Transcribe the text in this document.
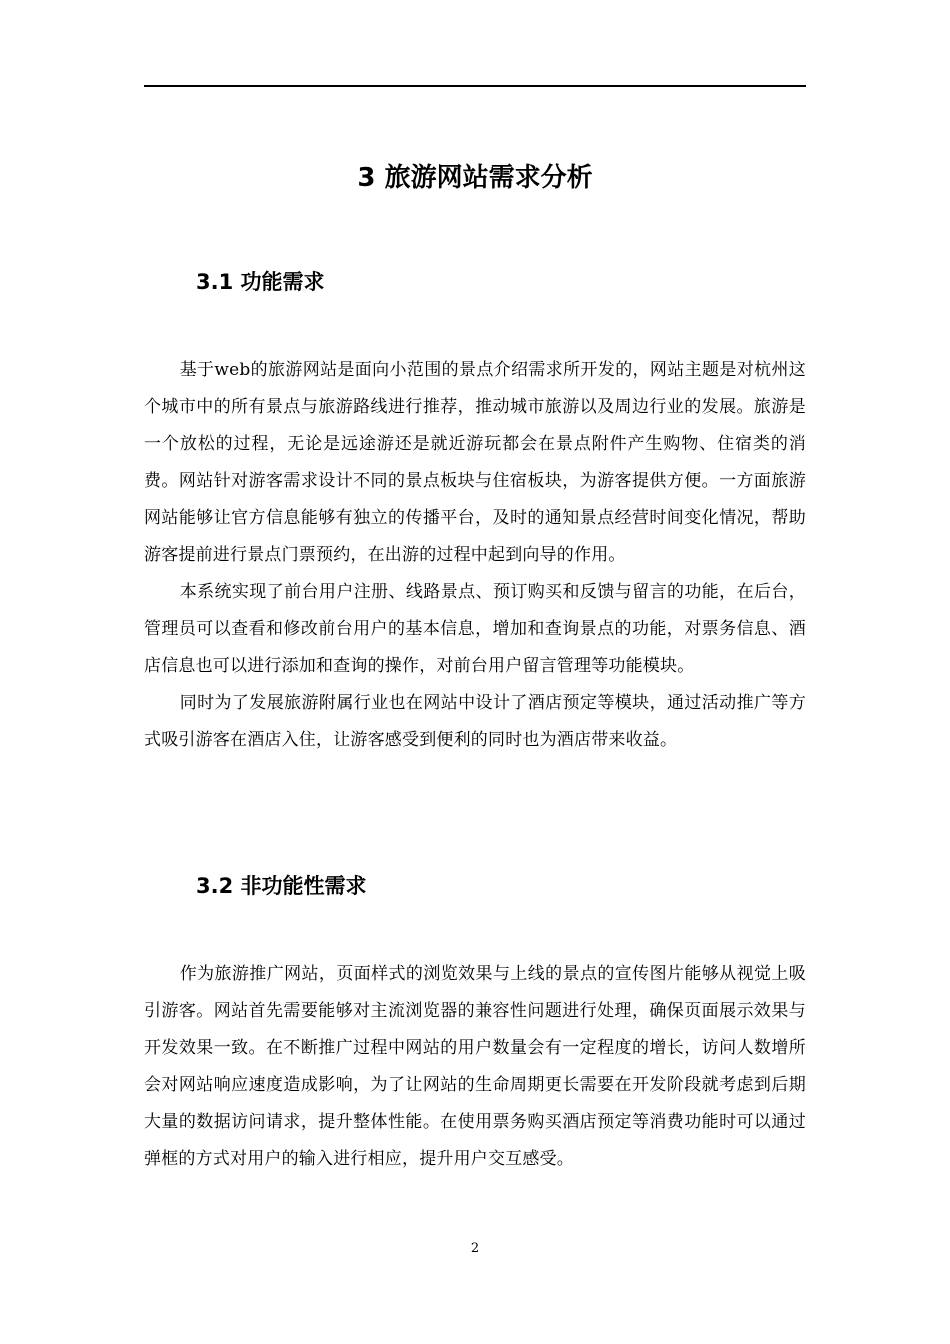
3 旅游网站需求分析
3.1 功能需求

基于web的旅游网站是面向小范围的景点介绍需求所开发的，网站主题是对杭州这个城市中的所有景点与旅游路线进行推荐，推动城市旅游以及周边行业的发展。旅游是一个放松的过程，无论是远途游还是就近游玩都会在景点附件产生购物、住宿类的消费。网站针对游客需求设计不同的景点板块与住宿板块，为游客提供方便。一方面旅游网站能够让官方信息能够有独立的传播平台，及时的通知景点经营时间变化情况，帮助游客提前进行景点门票预约，在出游的过程中起到向导的作用。

本系统实现了前台用户注册、线路景点、预订购买和反馈与留言的功能，在后台，管理员可以查看和修改前台用户的基本信息，增加和查询景点的功能，对票务信息、酒店信息也可以进行添加和查询的操作，对前台用户留言管理等功能模块。

同时为了发展旅游附属行业也在网站中设计了酒店预定等模块，通过活动推广等方式吸引游客在酒店入住，让游客感受到便利的同时也为酒店带来收益。

3.2 非功能性需求

作为旅游推广网站，页面样式的浏览效果与上线的景点的宣传图片能够从视觉上吸引游客。网站首先需要能够对主流浏览器的兼容性问题进行处理，确保页面展示效果与开发效果一致。在不断推广过程中网站的用户数量会有一定程度的增长，访问人数增所会对网站响应速度造成影响，为了让网站的生命周期更长需要在开发阶段就考虑到后期大量的数据访问请求，提升整体性能。在使用票务购买酒店预定等消费功能时可以通过弹框的方式对用户的输入进行相应，提升用户交互感受。

2
